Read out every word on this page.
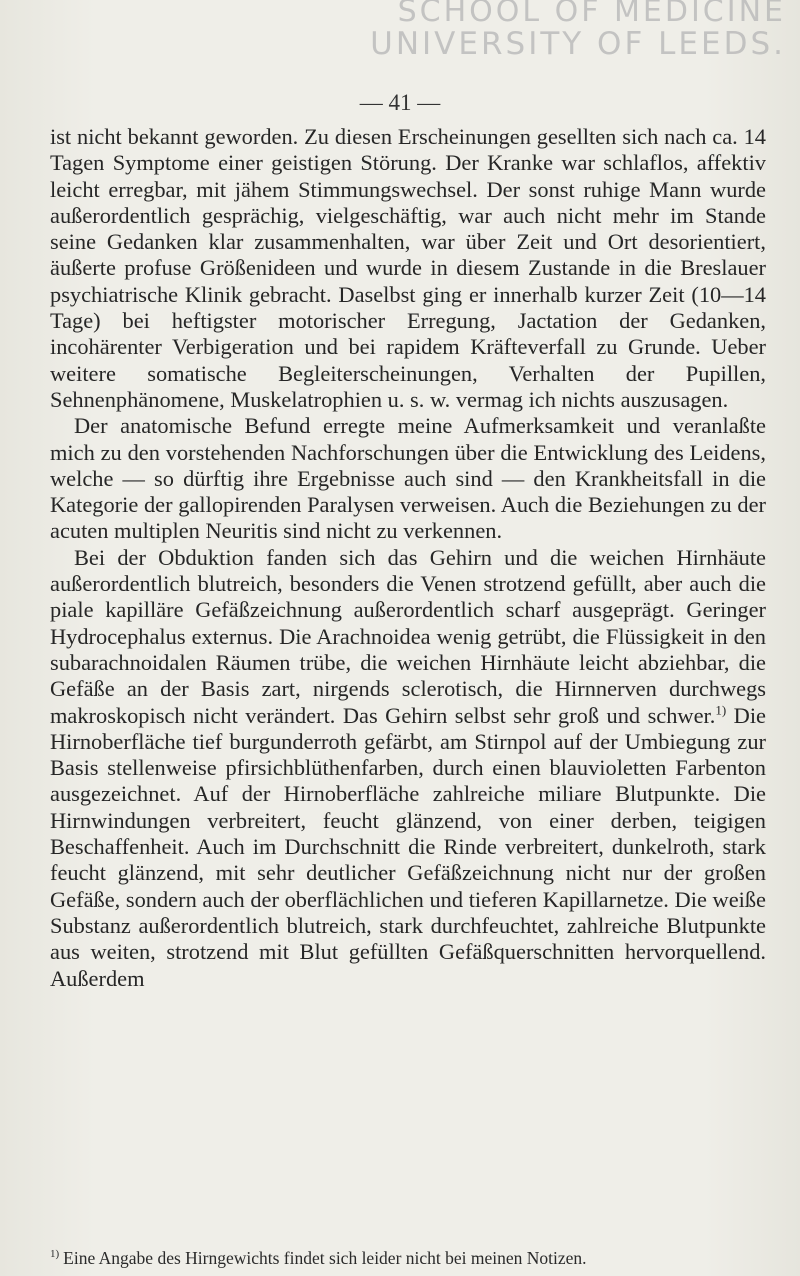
SCHOOL OF MEDICINE
UNIVERSITY OF LEEDS.
— 41 —

ist nicht bekannt geworden. Zu diesen Erscheinungen gesellten sich nach ca. 14 Tagen Symptome einer geistigen Störung. Der Kranke war schlaflos, affektiv leicht erregbar, mit jähem Stimmungswechsel. Der sonst ruhige Mann wurde außerordentlich gesprächig, vielgeschäftig, war auch nicht mehr im Stande seine Gedanken klar zusammenhalten, war über Zeit und Ort desorientiert, äußerte profuse Größenideen und wurde in diesem Zustande in die Breslauer psychiatrische Klinik gebracht. Daselbst ging er innerhalb kurzer Zeit (10—14 Tage) bei heftigster motorischer Erregung, Jactation der Gedanken, incohärenter Verbigeration und bei rapidem Kräfteverfall zu Grunde. Ueber weitere somatische Begleiterscheinungen, Verhalten der Pupillen, Sehnenphänomene, Muskelatrophien u. s. w. vermag ich nichts auszusagen.

Der anatomische Befund erregte meine Aufmerksamkeit und veranlaßte mich zu den vorstehenden Nachforschungen über die Entwicklung des Leidens, welche — so dürftig ihre Ergebnisse auch sind — den Krankheitsfall in die Kategorie der gallopirenden Paralysen verweisen. Auch die Beziehungen zu der acuten multiplen Neuritis sind nicht zu verkennen.

Bei der Obduktion fanden sich das Gehirn und die weichen Hirnhäute außerordentlich blutreich, besonders die Venen strotzend gefüllt, aber auch die piale kapilläre Gefäßzeichnung außerordentlich scharf ausgeprägt. Geringer Hydrocephalus externus. Die Arachnoidea wenig getrübt, die Flüssigkeit in den subarachnoidalen Räumen trübe, die weichen Hirnhäute leicht abziehbar, die Gefäße an der Basis zart, nirgends sclerotisch, die Hirnnerven durchwegs makroskopisch nicht verändert. Das Gehirn selbst sehr groß und schwer.$^{1)}$ Die Hirnoberfläche tief burgunderroth gefärbt, am Stirnpol auf der Umbiegung zur Basis stellenweise pfirsichblüthenfarben, durch einen blauvioletten Farbenton ausgezeichnet. Auf der Hirnoberfläche zahlreiche miliare Blutpunkte. Die Hirnwindungen verbreitert, feucht glänzend, von einer derben, teigigen Beschaffenheit. Auch im Durchschnitt die Rinde verbreitert, dunkelroth, stark feucht glänzend, mit sehr deutlicher Gefäßzeichnung nicht nur der großen Gefäße, sondern auch der oberflächlichen und tieferen Kapillarnetze. Die weiße Substanz außerordentlich blutreich, stark durchfeuchtet, zahlreiche Blutpunkte aus weiten, strotzend mit Blut gefüllten Gefäßquerschnitten hervorquellend. Außerdem

$^{1)}$ Eine Angabe des Hirngewichts findet sich leider nicht bei meinen Notizen.
